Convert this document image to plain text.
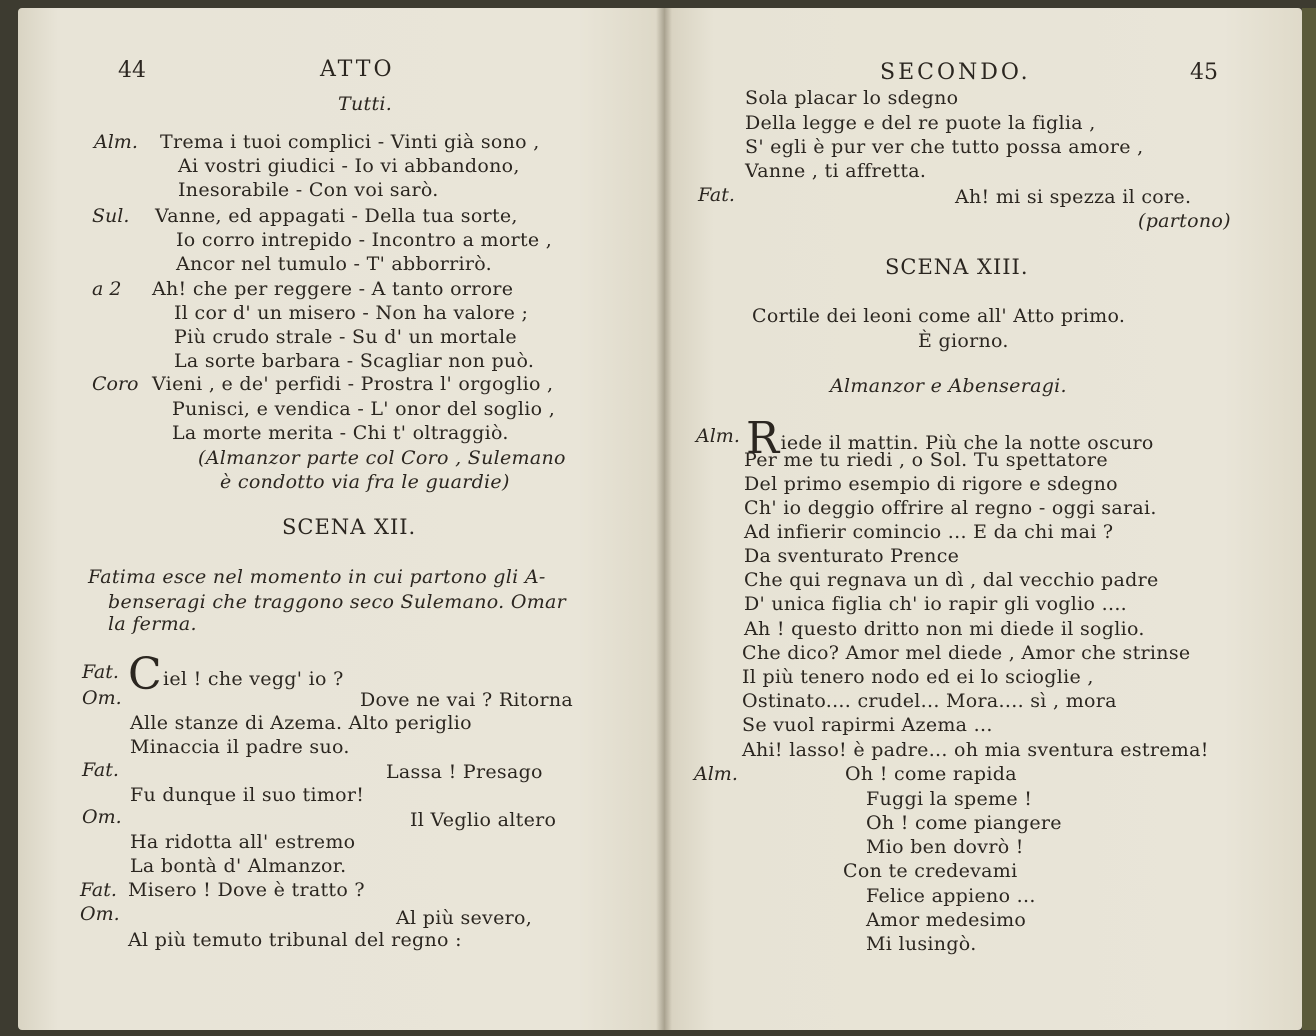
44	ATTO
Tutti.
Alm. Trema i tuoi complici - Vinti già sono ,
Ai vostri giudici - Io vi abbandono,
Inesorabile - Con voi sarò.
Sul. Vanne, ed appagati - Della tua sorte,
Io corro intrepido - Incontro a morte ,
Ancor nel tumulo - T' abborrirò.
a 2 Ah! che per reggere - A tanto orrore
Il cor d' un misero - Non ha valore ;
Più crudo strale - Su d' un mortale
La sorte barbara - Scagliar non può.
Coro Vieni , e de' perfidi - Prostra l' orgoglio ,
Punisci, e vendica - L' onor del soglio ,
La morte merita - Chi t' oltraggiò.
(Almanzor parte col Coro , Sulemano
è condotto via fra le guardie)
SCENA XII.
Fatima esce nel momento in cui partono gli A-
benseragi che traggono seco Sulemano. Omar
la ferma.
Fat. Ciel ! che vegg' io ?
Om.	Dove ne vai ? Ritorna
Alle stanze di Azema. Alto periglio
Minaccia il padre suo.
Fat.	Lassa ! Presago
Fu dunque il suo timor!
Om.	Il Veglio altero
Ha ridotta all' estremo
La bontà d' Almanzor.
Fat. Misero ! Dove è tratto ?
Om.	Al più severo,
Al più temuto tribunal del regno :
SECONDO.	45
Sola placar lo sdegno
Della legge e del re puote la figlia ,
S' egli è pur ver che tutto possa amore ,
Vanne , ti affretta.
Fat.	Ah! mi si spezza il core.
(partono)
SCENA XIII.
Cortile dei leoni come all' Atto primo.
È giorno.
Almanzor e Abenseragi.
Alm. Riede il mattin. Più che la notte oscuro
Per me tu riedi , o Sol. Tu spettatore
Del primo esempio di rigore e sdegno
Ch' io deggio offrire al regno - oggi sarai.
Ad infierir comincio ... E da chi mai ?
Da sventurato Prence
Che qui regnava un dì , dal vecchio padre
D' unica figlia ch' io rapir gli voglio ....
Ah ! questo dritto non mi diede il soglio.
Che dico? Amor mel diede , Amor che strinse
Il più tenero nodo ed ei lo scioglie ,
Ostinato.... crudel... Mora.... sì , mora
Se vuol rapirmi Azema ...
Ahi! lasso! è padre... oh mia sventura estrema!
Alm.	Oh ! come rapida
Fuggi la speme !
Oh ! come piangere
Mio ben dovrò !
Con te credevami
Felice appieno ...
Amor medesimo
Mi lusingò.
